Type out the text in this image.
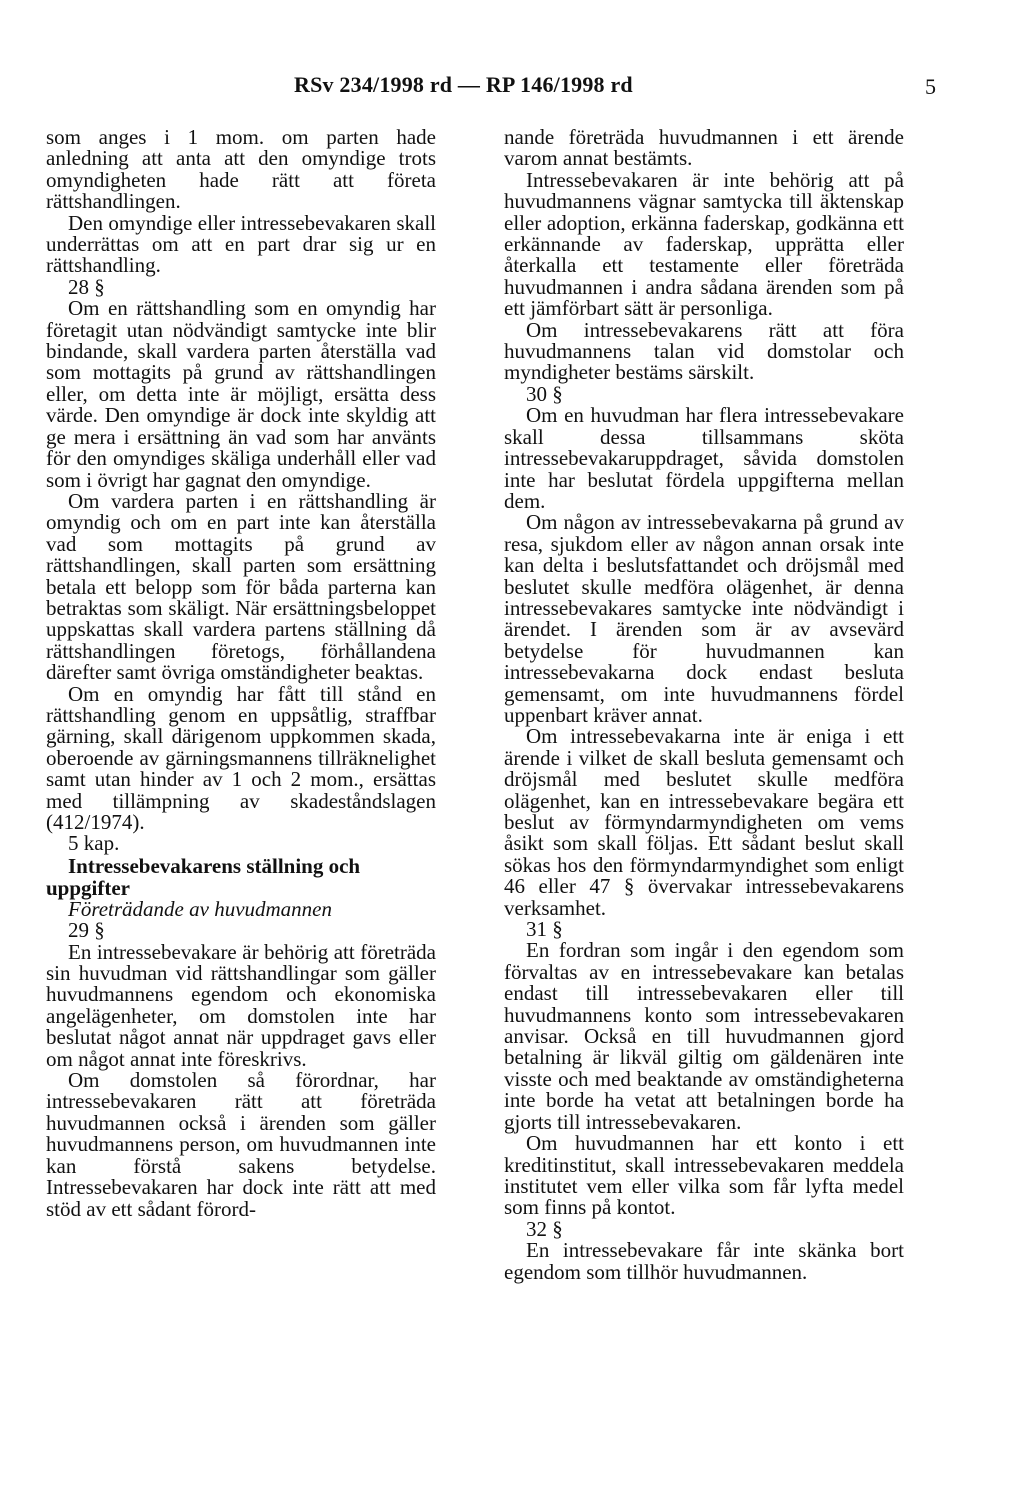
RSv 234/1998 rd — RP 146/1998 rd	5

som anges i 1 mom. om parten hade anledning att anta att den omyndige trots omyndigheten hade rätt att företa rättshandlingen.

Den omyndige eller intressebevakaren skall underrättas om att en part drar sig ur en rättshandling.

28 §

Om en rättshandling som en omyndig har företagit utan nödvändigt samtycke inte blir bindande, skall vardera parten återställa vad som mottagits på grund av rättshandlingen eller, om detta inte är möjligt, ersätta dess värde. Den omyndige är dock inte skyldig att ge mera i ersättning än vad som har använts för den omyndiges skäliga underhåll eller vad som i övrigt har gagnat den omyndige.

Om vardera parten i en rättshandling är omyndig och om en part inte kan återställa vad som mottagits på grund av rättshandlingen, skall parten som ersättning betala ett belopp som för båda parterna kan betraktas som skäligt. När ersättningsbeloppet uppskattas skall vardera partens ställning då rättshandlingen företogs, förhållandena därefter samt övriga omständigheter beaktas.

Om en omyndig har fått till stånd en rättshandling genom en uppsåtlig, straffbar gärning, skall därigenom uppkommen skada, oberoende av gärningsmannens tillräknelighet samt utan hinder av 1 och 2 mom., ersättas med tillämpning av skadeståndslagen (412/1974).

5 kap.

Intressebevakarens ställning och
uppgifter

Företrädande av huvudmannen

29 §

En intressebevakare är behörig att företräda sin huvudman vid rättshandlingar som gäller huvudmannens egendom och ekonomiska angelägenheter, om domstolen inte har beslutat något annat när uppdraget gavs eller om något annat inte föreskrivs.

Om domstolen så förordnar, har intressebevakaren rätt att företräda huvudmannen också i ärenden som gäller huvudmannens person, om huvudmannen inte kan förstå sakens betydelse. Intressebevakaren har dock inte rätt att med stöd av ett sådant förord-

nande företräda huvudmannen i ett ärende varom annat bestämts.

Intressebevakaren är inte behörig att på huvudmannens vägnar samtycka till äktenskap eller adoption, erkänna faderskap, godkänna ett erkännande av faderskap, upprätta eller återkalla ett testamente eller företräda huvudmannen i andra sådana ärenden som på ett jämförbart sätt är personliga.

Om intressebevakarens rätt att föra huvudmannens talan vid domstolar och myndigheter bestäms särskilt.

30 §

Om en huvudman har flera intressebevakare skall dessa tillsammans sköta intressebevakaruppdraget, såvida domstolen inte har beslutat fördela uppgifterna mellan dem.

Om någon av intressebevakarna på grund av resa, sjukdom eller av någon annan orsak inte kan delta i beslutsfattandet och dröjsmål med beslutet skulle medföra olägenhet, är denna intressebevakares samtycke inte nödvändigt i ärendet. I ärenden som är av avsevärd betydelse för huvudmannen kan intressebevakarna dock endast besluta gemensamt, om inte huvudmannens fördel uppenbart kräver annat.

Om intressebevakarna inte är eniga i ett ärende i vilket de skall besluta gemensamt och dröjsmål med beslutet skulle medföra olägenhet, kan en intressebevakare begära ett beslut av förmyndarmyndigheten om vems åsikt som skall följas. Ett sådant beslut skall sökas hos den förmyndarmyndighet som enligt 46 eller 47 § övervakar intressebevakarens verksamhet.

31 §

En fordran som ingår i den egendom som förvaltas av en intressebevakare kan betalas endast till intressebevakaren eller till huvudmannens konto som intressebevakaren anvisar. Också en till huvudmannen gjord betalning är likväl giltig om gäldenären inte visste och med beaktande av omständigheterna inte borde ha vetat att betalningen borde ha gjorts till intressebevakaren.

Om huvudmannen har ett konto i ett kreditinstitut, skall intressebevakaren meddela institutet vem eller vilka som får lyfta medel som finns på kontot.

32 §

En intressebevakare får inte skänka bort egendom som tillhör huvudmannen.
